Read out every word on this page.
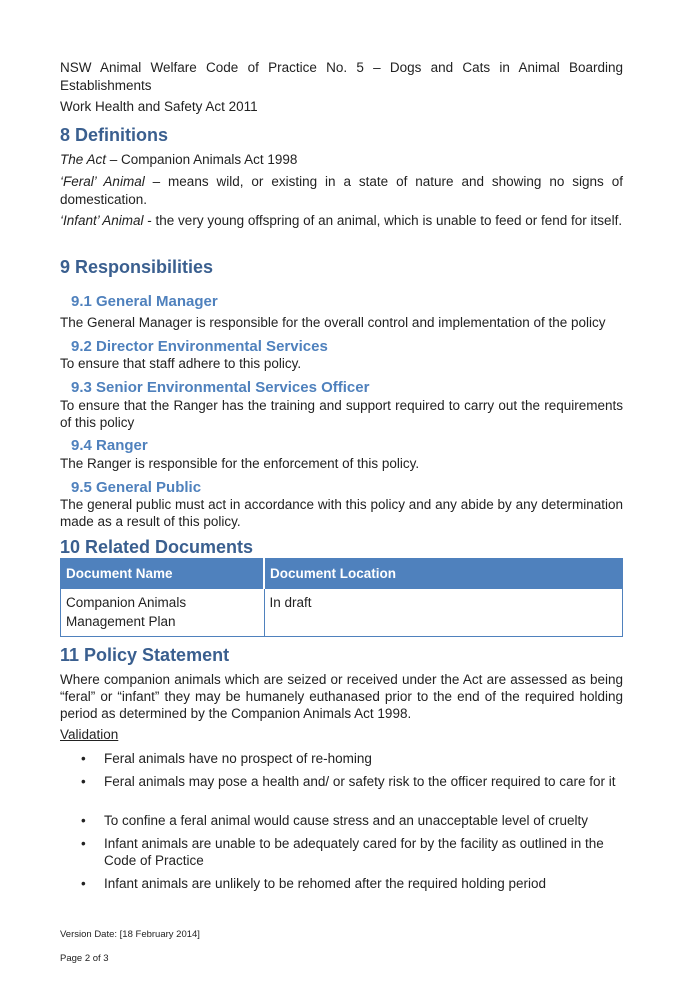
NSW Animal Welfare Code of Practice No. 5 – Dogs and Cats in Animal Boarding Establishments

Work Health and Safety Act 2011

8 Definitions

The Act – Companion Animals Act 1998

‘Feral’ Animal – means wild, or existing in a state of nature and showing no signs of domestication.

‘Infant’ Animal - the very young offspring of an animal, which is unable to feed or fend for itself.

9 Responsibilities
9.1 General Manager

The General Manager is responsible for the overall control and implementation of the policy

9.2 Director Environmental Services

To ensure that staff adhere to this policy.

9.3 Senior Environmental Services Officer

To ensure that the Ranger has the training and support required to carry out the requirements of this policy

9.4 Ranger

The Ranger is responsible for the enforcement of this policy.

9.5 General Public

The general public must act in accordance with this policy and any abide by any determination made as a result of this policy.

10 Related Documents
Document Name	Document Location
Companion Animals Management Plan	In draft
11 Policy Statement

Where companion animals which are seized or received under the Act are assessed as being “feral” or “infant” they may be humanely euthanased prior to the end of the required holding period as determined by the Companion Animals Act 1998.

Validation

• Feral animals have no prospect of re-homing
• Feral animals may pose a health and/ or safety risk to the officer required to care for it
• To confine a feral animal would cause stress and an unacceptable level of cruelty
• Infant animals are unable to be adequately cared for by the facility as outlined in the Code of Practice
• Infant animals are unlikely to be rehomed after the required holding period

Version Date: [18 February 2014]

Page 2 of 3
